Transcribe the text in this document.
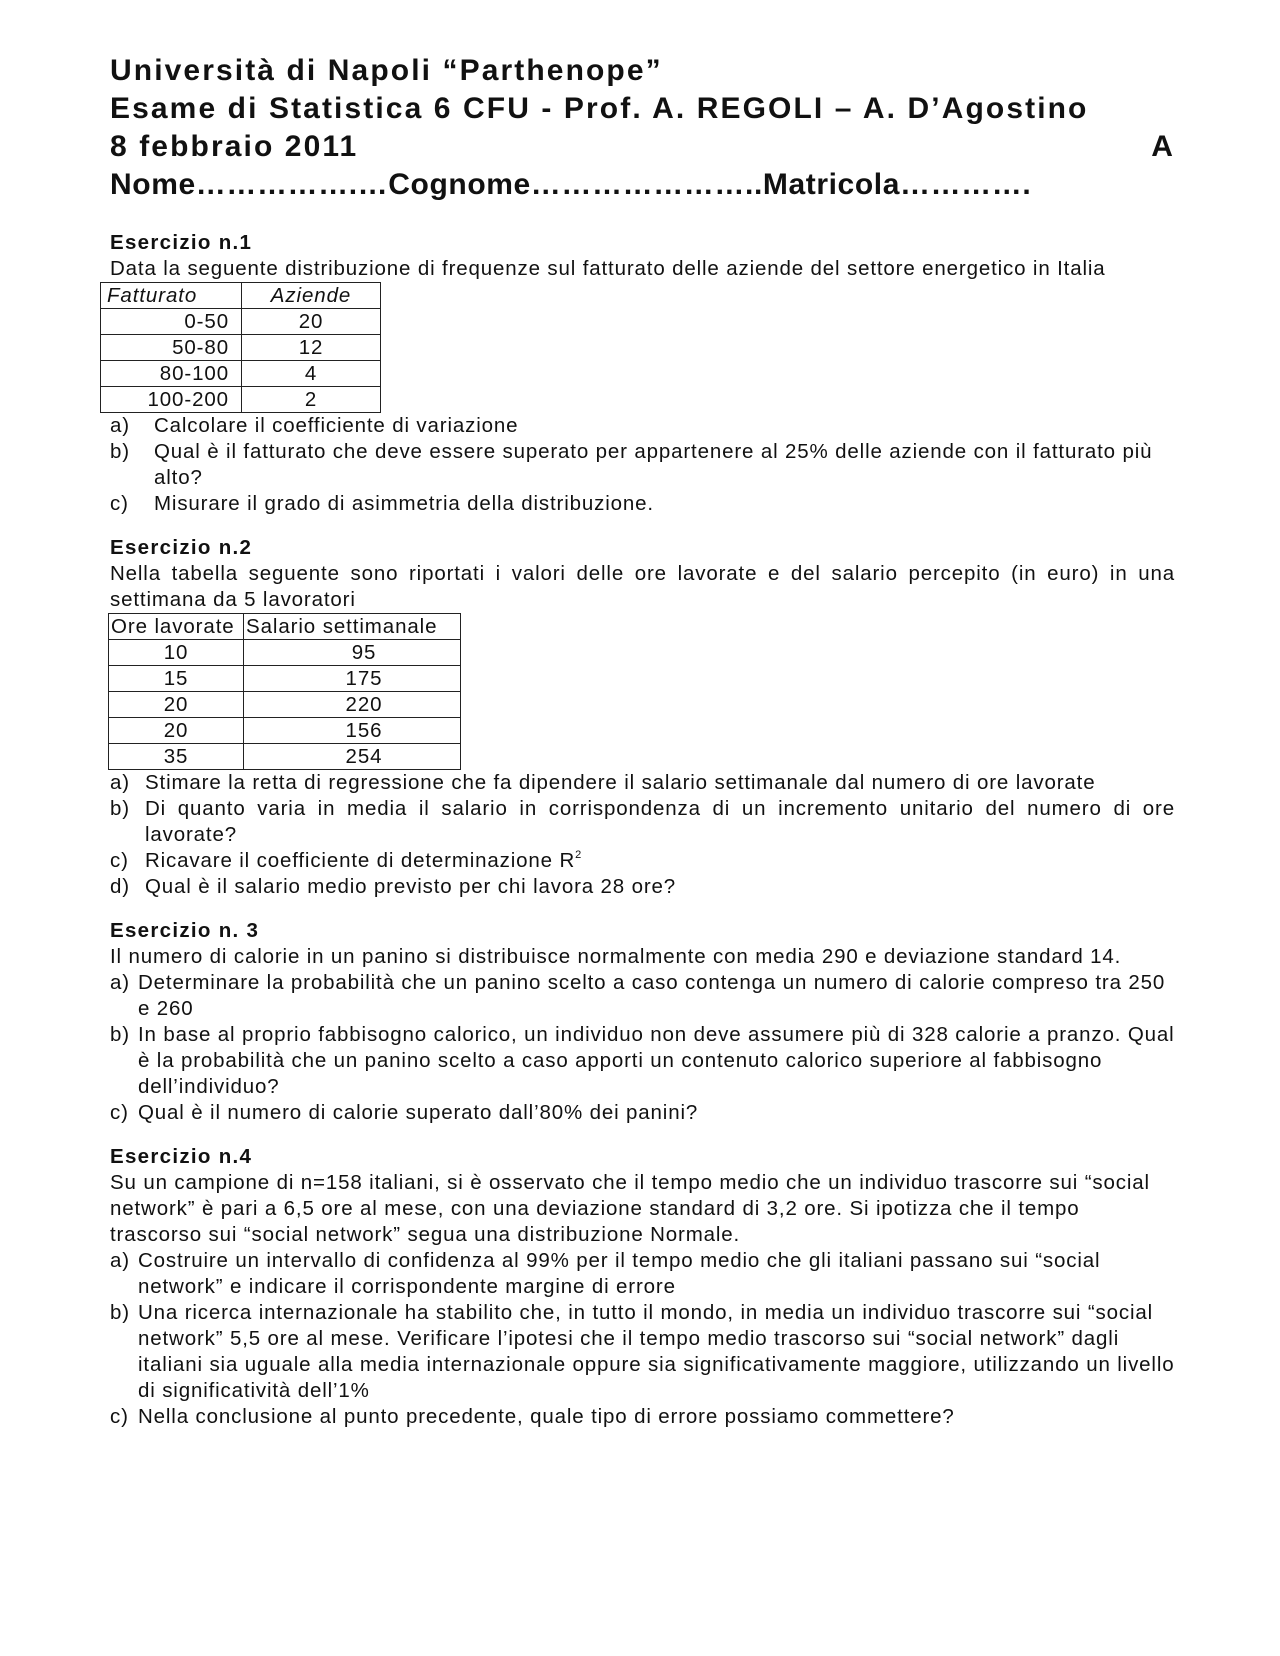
Università di Napoli “Parthenope”

Esame di Statistica 6 CFU - Prof. A. REGOLI – A. D’Agostino

8 febbraio 2011	A

Nome…………….…Cognome…………………..Matricola………….

Esercizio n.1

Data la seguente distribuzione di frequenze sul fatturato delle aziende del settore energetico in Italia

Fatturato	Aziende
0-50	20
50-80	12
80-100	4
100-200	2
a)	Calcolare il coefficiente di variazione
b)	Qual è il fatturato che deve essere superato per appartenere al 25% delle aziende con il fatturato più alto?
c)	Misurare il grado di asimmetria della distribuzione.

Esercizio n.2

Nella tabella seguente sono riportati i valori delle ore lavorate e del salario percepito (in euro) in una settimana da 5 lavoratori

Ore lavorate	Salario settimanale
10	95
15	175
20	220
20	156
35	254
a) Stimare la retta di regressione che fa dipendere il salario settimanale dal numero di ore lavorate
b) Di quanto varia in media il salario in corrispondenza di un incremento unitario del numero di ore lavorate?
c) Ricavare il coefficiente di determinazione $R^2$
d) Qual è il salario medio previsto per chi lavora 28 ore?

Esercizio n. 3

Il numero di calorie in un panino si distribuisce normalmente con media 290 e deviazione standard 14.

a) Determinare la probabilità che un panino scelto a caso contenga un numero di calorie compreso tra 250 e 260
b) In base al proprio fabbisogno calorico, un individuo non deve assumere più di 328 calorie a pranzo. Qual è la probabilità che un panino scelto a caso apporti un contenuto calorico superiore al fabbisogno dell’individuo?
c) Qual è il numero di calorie superato dall’80% dei panini?

Esercizio n.4

Su un campione di n=158 italiani, si è osservato che il tempo medio che un individuo trascorre sui “social network” è pari a 6,5 ore al mese, con una deviazione standard di 3,2 ore. Si ipotizza che il tempo trascorso sui “social network” segua una distribuzione Normale.

a) Costruire un intervallo di confidenza al 99% per il tempo medio che gli italiani passano sui “social network” e indicare il corrispondente margine di errore
b) Una ricerca internazionale ha stabilito che, in tutto il mondo, in media un individuo trascorre sui “social network” 5,5 ore al mese. Verificare l’ipotesi che il tempo medio trascorso sui “social network” dagli italiani sia uguale alla media internazionale oppure sia significativamente maggiore, utilizzando un livello di significatività dell’1%
c) Nella conclusione al punto precedente, quale tipo di errore possiamo commettere?
